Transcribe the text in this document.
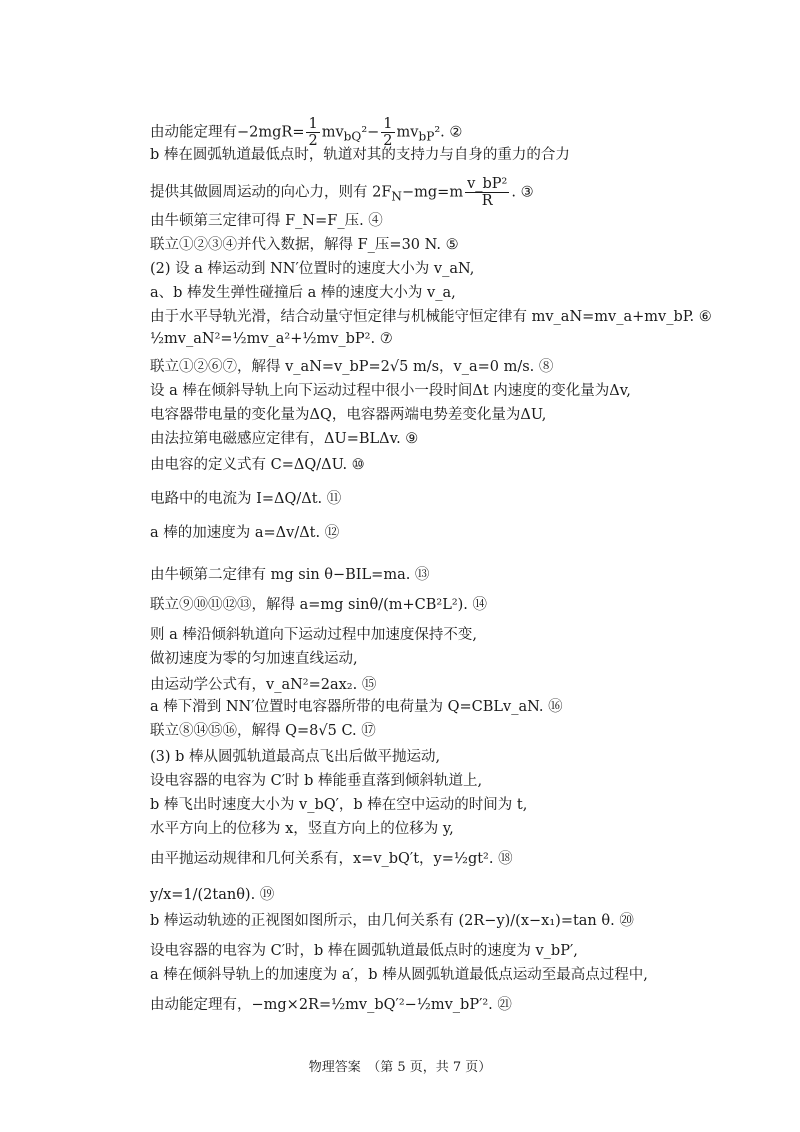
由动能定理有$-2mgR= \frac{1}{2} mv_{bQ}^2- \frac{1}{2} mv_{bP}^2$. ②
b 棒在圆弧轨道最低点时，轨道对其的支持力与自身的重力的合力
提供其做圆周运动的向心力，则有 $2F_N-mg=m \frac{\text{v\_bP²}}{R}$ . ③
由牛顿第三定律可得 F_N=F_压. ④
联立①②③④并代入数据，解得 F_压=30 N. ⑤
(2) 设 a 棒运动到 NN′位置时的速度大小为 v_aN,
a、b 棒发生弹性碰撞后 a 棒的速度大小为 v_a,
由于水平导轨光滑，结合动量守恒定律与机械能守恒定律有 mv_aN=mv_a+mv_bP. ⑥
½mv_aN²=½mv_a²+½mv_bP². ⑦
联立①②⑥⑦，解得 v_aN=v_bP=2√5 m/s，v_a=0 m/s. ⑧
设 a 棒在倾斜导轨上向下运动过程中很小一段时间Δt 内速度的变化量为Δv,
电容器带电量的变化量为ΔQ，电容器两端电势差变化量为ΔU,
由法拉第电磁感应定律有，ΔU=BLΔv. ⑨
由电容的定义式有 C=ΔQ/ΔU. ⑩
电路中的电流为 I=ΔQ/Δt. ⑪
a 棒的加速度为 a=Δv/Δt. ⑫
由牛顿第二定律有 mg sin θ−BIL=ma. ⑬
联立⑨⑩⑪⑫⑬，解得 a=mg sinθ/(m+CB²L²). ⑭
则 a 棒沿倾斜轨道向下运动过程中加速度保持不变,
做初速度为零的匀加速直线运动,
由运动学公式有，v_aN²=2ax₂. ⑮
a 棒下滑到 NN′位置时电容器所带的电荷量为 Q=CBLv_aN. ⑯
联立⑧⑭⑮⑯，解得 Q=8√5 C. ⑰
(3) b 棒从圆弧轨道最高点飞出后做平抛运动,
设电容器的电容为 C′时 b 棒能垂直落到倾斜轨道上,
b 棒飞出时速度大小为 v_bQ′，b 棒在空中运动的时间为 t,
水平方向上的位移为 x，竖直方向上的位移为 y,
由平抛运动规律和几何关系有，x=v_bQ′t，y=½gt². ⑱
y/x=1/(2tanθ). ⑲
b 棒运动轨迹的正视图如图所示，由几何关系有 (2R−y)/(x−x₁)=tan θ. ⑳
设电容器的电容为 C′时，b 棒在圆弧轨道最低点时的速度为 v_bP′,
a 棒在倾斜导轨上的加速度为 a′，b 棒从圆弧轨道最低点运动至最高点过程中,
由动能定理有，−mg×2R=½mv_bQ′²−½mv_bP′². ㉑
物理答案　（第 5 页，共 7 页）
